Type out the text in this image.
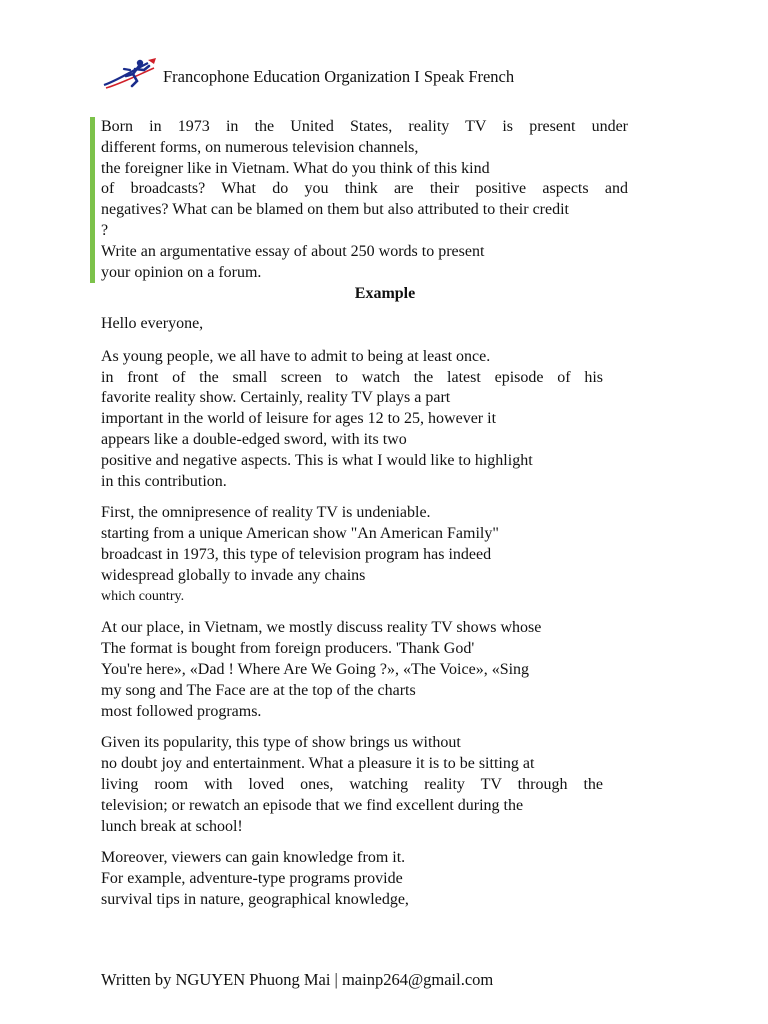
Francophone Education Organization I Speak French
Born in 1973 in the United States, reality TV is present under
different forms, on numerous television channels,
the foreigner like in Vietnam. What do you think of this kind
of broadcasts? What do you think are their positive aspects and
negatives? What can be blamed on them but also attributed to their credit
?
Write an argumentative essay of about 250 words to present
your opinion on a forum.
Example
Hello everyone,
As young people, we all have to admit to being at least once.
in front of the small screen to watch the latest episode of his
favorite reality show. Certainly, reality TV plays a part
important in the world of leisure for ages 12 to 25, however it
appears like a double-edged sword, with its two
positive and negative aspects. This is what I would like to highlight
in this contribution.
First, the omnipresence of reality TV is undeniable.
starting from a unique American show "An American Family"
broadcast in 1973, this type of television program has indeed
widespread globally to invade any chains
which country.
At our place, in Vietnam, we mostly discuss reality TV shows whose
The format is bought from foreign producers. 'Thank God'
You're here», «Dad ! Where Are We Going ?», «The Voice», «Sing
my song and The Face are at the top of the charts
most followed programs.
Given its popularity, this type of show brings us without
no doubt joy and entertainment. What a pleasure it is to be sitting at
living room with loved ones, watching reality TV through the
television; or rewatch an episode that we find excellent during the
lunch break at school!
Moreover, viewers can gain knowledge from it.
For example, adventure-type programs provide
survival tips in nature, geographical knowledge,
Written by NGUYEN Phuong Mai | mainp264@gmail.com
